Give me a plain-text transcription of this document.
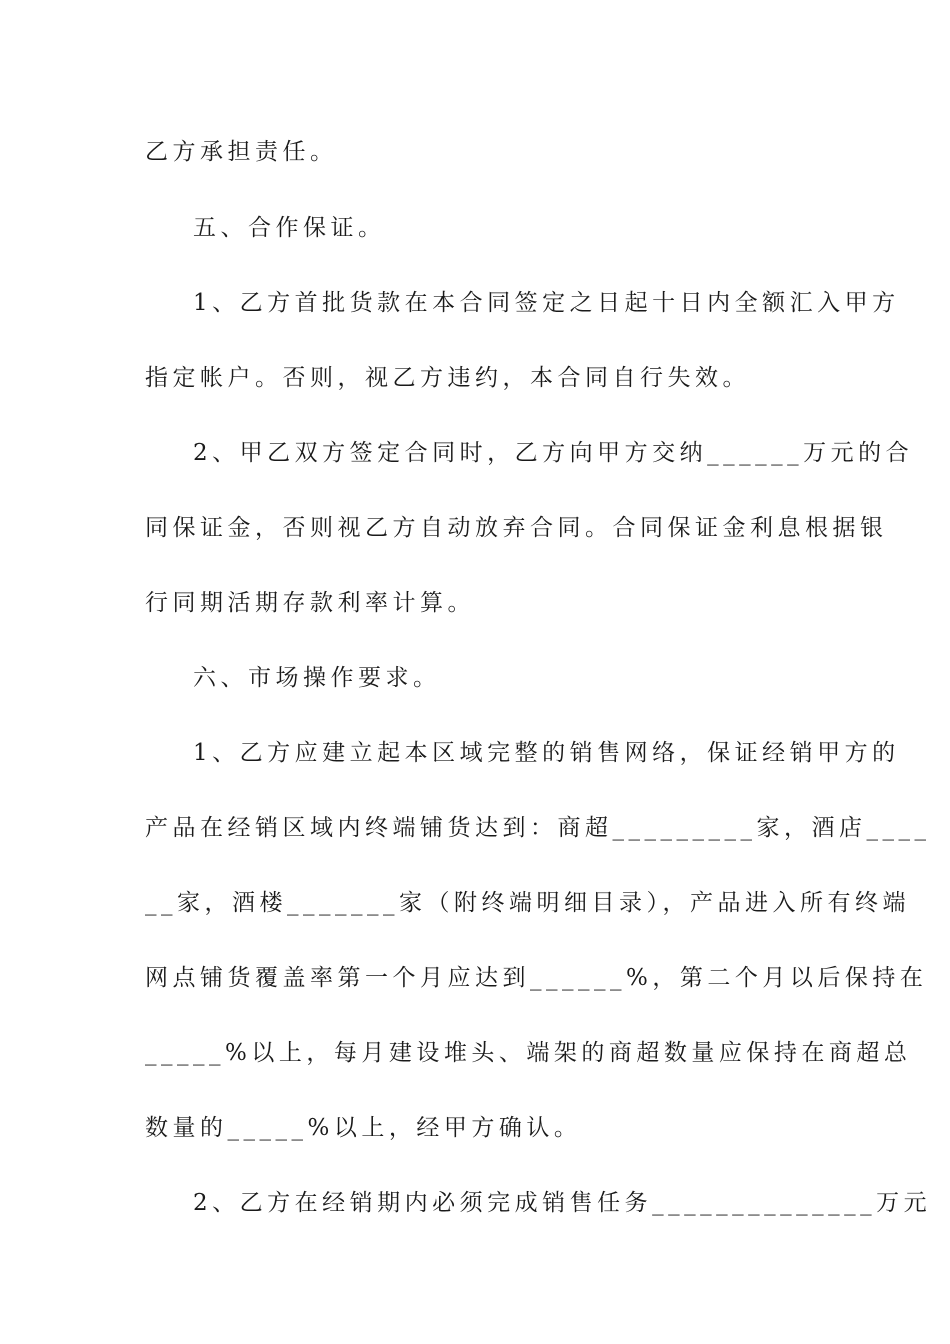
乙方承担责任。
五、合作保证。
1、乙方首批货款在本合同签定之日起十日内全额汇入甲方
指定帐户。否则，视乙方违约，本合同自行失效。
2、甲乙双方签定合同时，乙方向甲方交纳______万元的合
同保证金，否则视乙方自动放弃合同。合同保证金利息根据银
行同期活期存款利率计算。
六、市场操作要求。
1、乙方应建立起本区域完整的销售网络，保证经销甲方的
产品在经销区域内终端铺货达到：商超_________家，酒店____
__家，酒楼_______家（附终端明细目录），产品进入所有终端
网点铺货覆盖率第一个月应达到______%，第二个月以后保持在
_____%以上，每月建设堆头、端架的商超数量应保持在商超总
数量的_____%以上，经甲方确认。
2、乙方在经销期内必须完成销售任务______________万元
